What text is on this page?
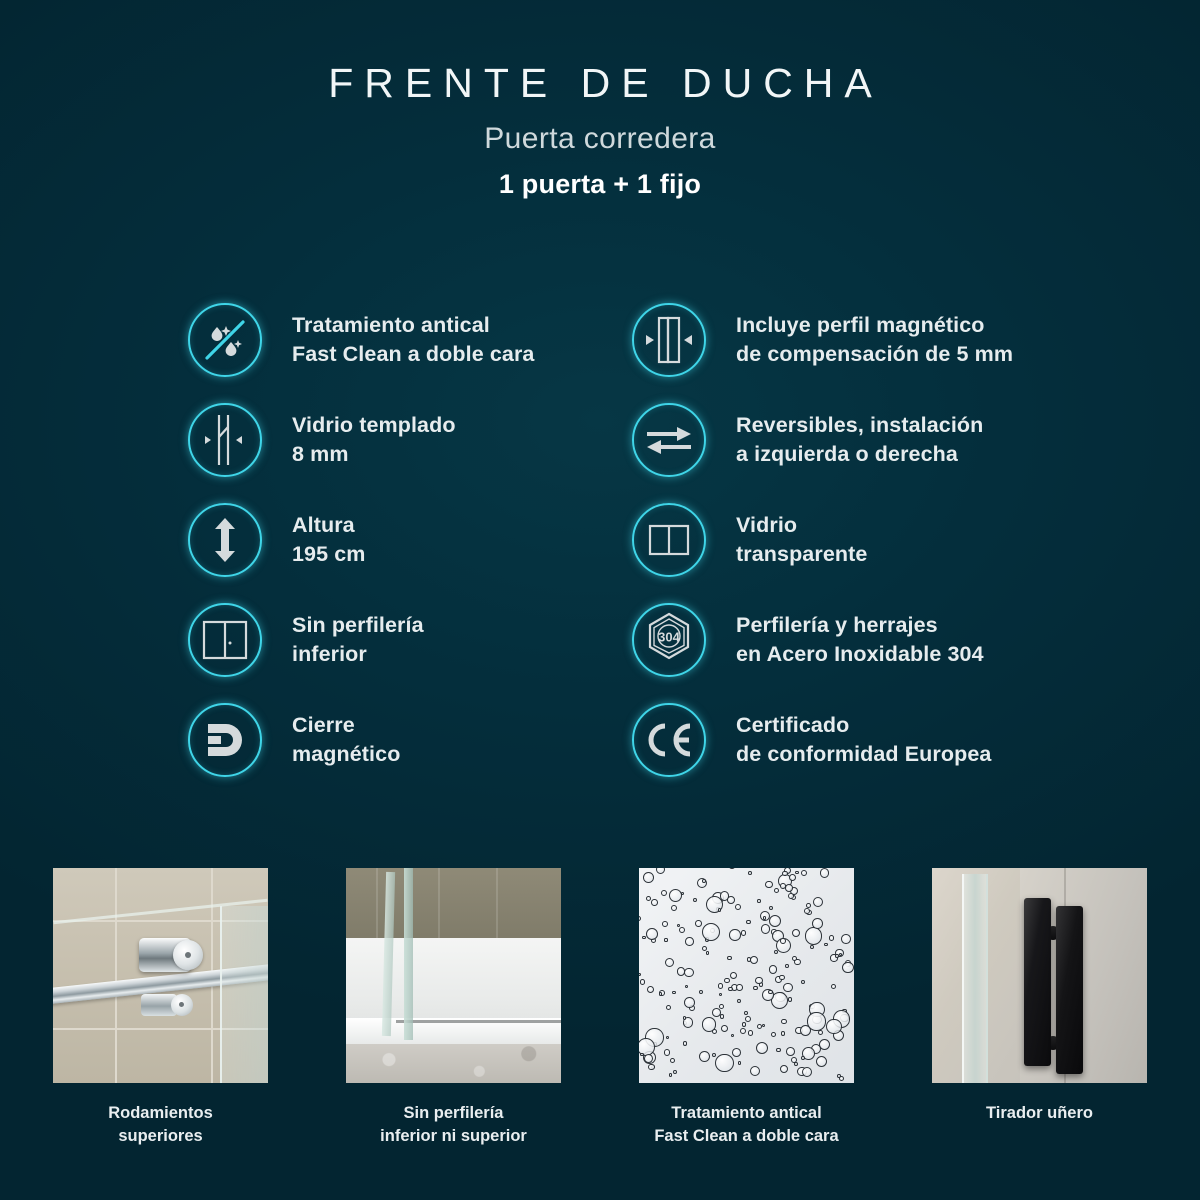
FRENTE DE DUCHA
Puerta corredera
1 puerta + 1 fijo
Tratamiento antical
Fast Clean a doble cara
Vidrio templado
8 mm
Altura
195 cm
Sin perfilería
inferior
Cierre
magnético
Incluye perfil magnético
de compensación de 5 mm
Reversibles, instalación
a izquierda o derecha
Vidrio
transparente
304	Perfilería y herrajes
en Acero Inoxidable 304
Certificado
de conformidad Europea
Rodamientos
superiores
Sin perfilería
inferior ni superior
Tratamiento antical
Fast Clean a doble cara
Tirador uñero
